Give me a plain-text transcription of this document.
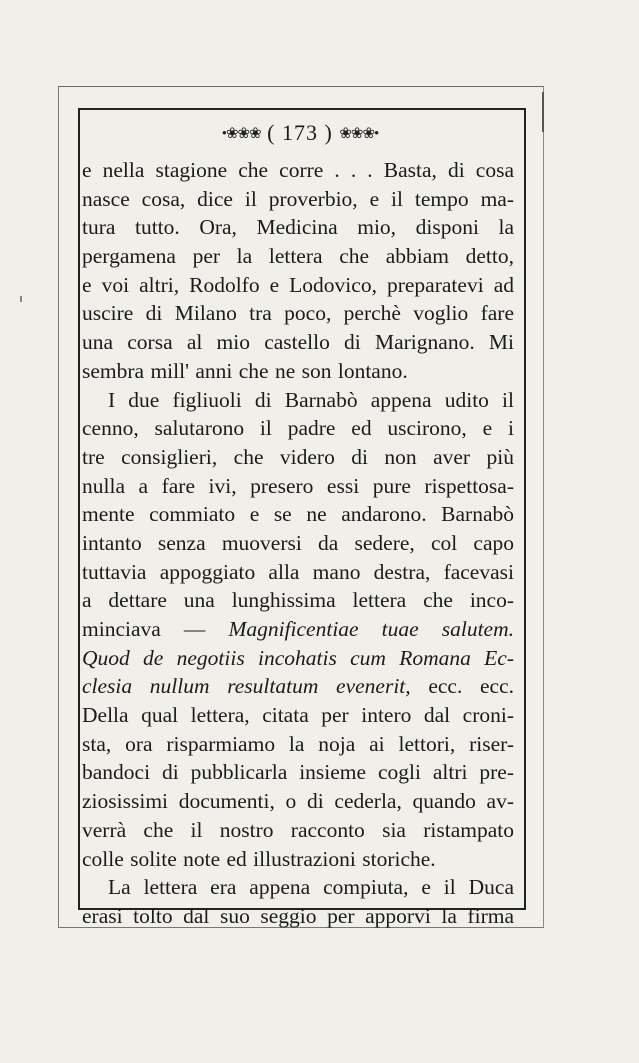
•❀❀❀ ( 173 ) ❀❀❀•
e nella stagione che corre . . . Basta, di cosa
nasce cosa, dice il proverbio, e il tempo ma-
tura tutto. Ora, Medicina mio, disponi la
pergamena per la lettera che abbiam detto,
e voi altri, Rodolfo e Lodovico, preparatevi ad
uscire di Milano tra poco, perchè voglio fare
una corsa al mio castello di Marignano. Mi
sembra mill' anni che ne son lontano.
I due figliuoli di Barnabò appena udito il
cenno, salutarono il padre ed uscirono, e i
tre consiglieri, che videro di non aver più
nulla a fare ivi, presero essi pure rispettosa-
mente commiato e se ne andarono. Barnabò
intanto senza muoversi da sedere, col capo
tuttavia appoggiato alla mano destra, facevasi
a dettare una lunghissima lettera che inco-
minciava — Magnificentiae tuae salutem.
Quod de negotiis incohatis cum Romana Ec-
clesia nullum resultatum evenerit, ecc. ecc.
Della qual lettera, citata per intero dal croni-
sta, ora risparmiamo la noja ai lettori, riser-
bandoci di pubblicarla insieme cogli altri pre-
ziosissimi documenti, o di cederla, quando av-
verrà che il nostro racconto sia ristampato
colle solite note ed illustrazioni storiche.
La lettera era appena compiuta, e il Duca
erasi tolto dal suo seggio per apporvi la firma
